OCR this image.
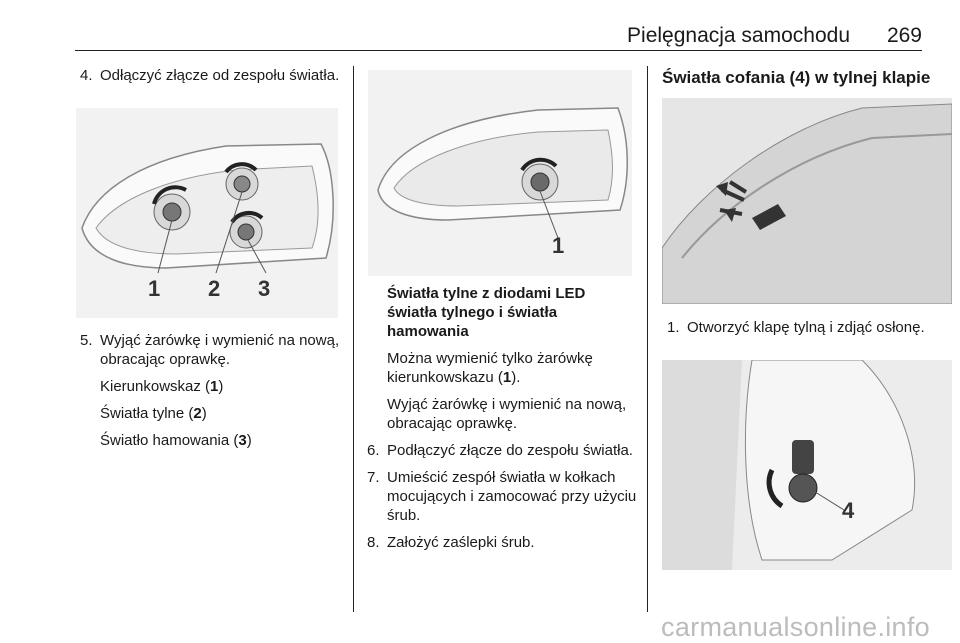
Pielęgnacja samochodu 269
4. Odłączyć złącze od zespołu światła.
1 2 3
5. Wyjąć żarówkę i wymienić na nową, obracając oprawkę.
Kierunkowskaz (1)
Światła tylne (2)
Światło hamowania (3)
1
Światła tylne z diodami LED światła tylnego i światła hamowania
Można wymienić tylko żarówkę kierunkowskazu (1).
Wyjąć żarówkę i wymienić na nową, obracając oprawkę.
6. Podłączyć złącze do zespołu światła.
7. Umieścić zespół światła w kołkach mocujących i zamocować przy użyciu śrub.
8. Założyć zaślepki śrub.
Światła cofania (4) w tylnej klapie
1. Otworzyć klapę tylną i zdjąć osłonę.
4
carmanualsonline.info
